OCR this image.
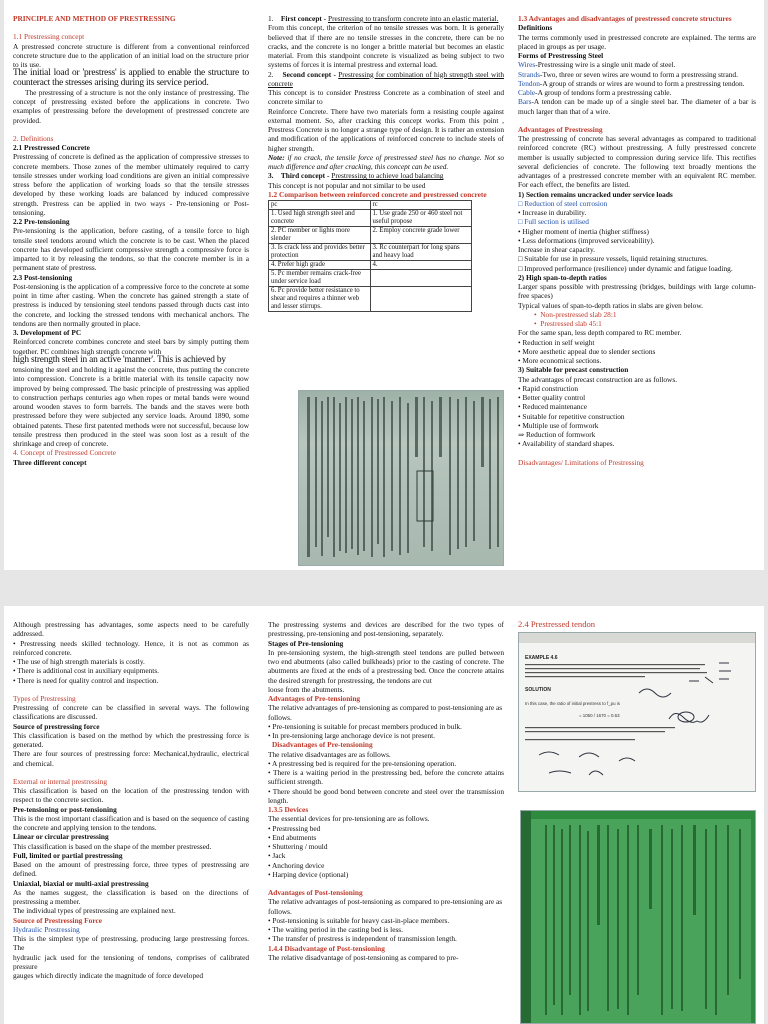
PRINCIPLE AND METHOD OF PRESTRESSING

1.1 Prestressing concept

A prestressed concrete structure is different from a conventional reinforced concrete structure due to the application of an initial load on the structure prior to its use.

The initial load or 'prestress' is applied to enable the structure to counteract the stresses arising during its service period.

The prestressing of a structure is not the only instance of prestressing. The concept of prestressing existed before the applications in concrete. Two examples of prestressing before the development of prestressed concrete are provided.

2. Definitions

2.1 Prestressed Concrete

Prestressing of concrete is defined as the application of compressive stresses to concrete members. Those zones of the member ultimately required to carry tensile stresses under working load conditions are given an initial compressive stress before the application of working loads so that the tensile stresses developed by these working loads are balanced by induced compressive strength. Prestress can be applied in two ways - Pre-tensioning or Post-tensioning.

2.2 Pre-tensioning

Pre-tensioning is the application, before casting, of a tensile force to high tensile steel tendons around which the concrete is to be cast. When the placed concrete has developed sufficient compressive strength a compressive force is imparted to it by releasing the tendons, so that the concrete member is in a permanent state of prestress.

2.3 Post-tensioning

Post-tensioning is the application of a compressive force to the concrete at some point in time after casting. When the concrete has gained strength a state of prestress is induced by tensioning steel tendons passed through ducts cast into the concrete, and locking the stressed tendons with mechanical anchors. The tendons are then normally grouted in place.

3. Development of PC

Reinforced concrete combines concrete and steel bars by simply putting them together. PC combines high strength concrete with

high strength steel in an active 'manner'. This is achieved by

tensioning the steel and holding it against the concrete, thus putting the concrete into compression. Concrete is a brittle material with its tensile capacity now improved by being compressed. The basic principle of prestressing was applied to construction perhaps centuries ago when ropes or metal bands were wound around wooden staves to form barrels. The bands and the staves were both prestressed before they were subjected any service loads. Around 1890, some obtained patents. These first patented methods were not successful, because low tensile prestress then produced in the steel was soon lost as a result of the shrinkage and creep of concrete.

4. Concept of Prestressed Concrete

Three different concept

1. First concept - Prestressing to transform concrete into an elastic material.

From this concept, the criterion of no tensile stresses was born. It is generally believed that if there are no tensile stresses in the concrete, there can be no cracks, and the concrete is no longer a brittle material but becomes an elastic material. From this standpoint concrete is visualized as being subject to two systems of forces it is internal prestress and external load.

2. Second concept - Prestressing for combination of high strength steel with concrete

This concept is to consider Prestress Concrete as a combination of steel and concrete similar to

Reinforce Concrete. There have two materials form a resisting couple against external moment. So, after cracking this concept works. From this point , Prestress Concrete is no longer a strange type of design. It is rather an extension and modification of the applications of reinforced concrete to include steels of higher strength.

Note: if no crack, the tensile force of prestressed steel has no change. Not so much difference and after cracking, this concept can be used.

3. Third concept - Prestressing to achieve load balancing

This concept is not popular and not similar to be used

1.2 Comparison between reinforced concrete and prestressed concrete

pc	rc
1. Used high strength steel and concrete	1. Use grade 250 or 460 steel not useful propose
2. PC member or lights more slender	2. Employ concrete grade lower
3. Is crack less and provides better protection	3. Rc counterpart for long spans and heavy load
4. Prefer high grade	4.
5. Pc member remains crack-free under service load	
6. Pc provide better resistance to shear and requires a thinner web and lesser stirrups.	

1.3 Advantages and disadvantages of prestressed concrete structures

Definitions

The terms commonly used in prestressed concrete are explained. The terms are placed in groups as per usage.

Forms of Prestressing Steel

Wires-Prestressing wire is a single unit made of steel.

Strands-Two, three or seven wires are wound to form a prestressing strand.

Tendon-A group of strands or wires are wound to form a prestressing tendon.

Cable-A group of tendons form a prestressing cable.

Bars-A tendon can be made up of a single steel bar. The diameter of a bar is much larger than that of a wire.

Advantages of Prestressing

The prestressing of concrete has several advantages as compared to traditional reinforced concrete (RC) without prestressing. A fully prestressed concrete member is usually subjected to compression during service life. This rectifies several deficiencies of concrete. The following text broadly mentions the advantages of a prestressed concrete member with an equivalent RC member. For each effect, the benefits are listed.

1) Section remains uncracked under service loads

□ Reduction of steel corrosion
• Increase in durability.
□ Full section is utilised
• Higher moment of inertia (higher stiffness)
• Less deformations (improved serviceability).
Increase in shear capacity.
□ Suitable for use in pressure vessels, liquid retaining structures.
□ Improved performance (resilience) under dynamic and fatigue loading.

2) High span-to-depth ratios

Larger spans possible with prestressing (bridges, buildings with large column-free spaces)

Typical values of span-to-depth ratios in slabs are given below.

•  Non-prestressed slab 28:1
•  Prestressed slab 45:1

For the same span, less depth compared to RC member.

• Reduction in self weight
• More aesthetic appeal due to slender sections
• More economical sections.

3) Suitable for precast construction

The advantages of precast construction are as follows.

• Rapid construction
• Better quality control
• Reduced maintenance
• Suitable for repetitive construction
• Multiple use of formwork
⇒ Reduction of formwork
• Availability of standard shapes.

Disadvantages/ Limitations of Prestressing

Although prestressing has advantages, some aspects need to be carefully addressed.

• Prestressing needs skilled technology. Hence, it is not as common as reinforced concrete.
• The use of high strength materials is costly.
• There is additional cost in auxiliary equipments.
• There is need for quality control and inspection.

Types of Prestressing

Prestressing of concrete can be classified in several ways. The following classifications are discussed.

Source of prestressing force

This classification is based on the method by which the prestressing force is generated.

There are four sources of prestressing force: Mechanical,hydraulic, electrical and chemical.

External or internal prestressing

This classification is based on the location of the prestressing tendon with respect to the concrete section.

Pre-tensioning or post-tensioning

This is the most important classification and is based on the sequence of casting the concrete and applying tension to the tendons.

Linear or circular prestressing

This classification is based on the shape of the member prestressed.

Full, limited or partial prestressing

Based on the amount of prestressing force, three types of prestressing are defined.

Uniaxial, biaxial or multi-axial prestressing

As the names suggest, the classification is based on the directions of prestressing a member.

The individual types of prestressing are explained next.

Source of Prestressing Force

Hydraulic Prestressing

This is the simplest type of prestressing, producing large prestressing forces. The

hydraulic jack used for the tensioning of tendons, comprises of calibrated pressure

gauges which directly indicate the magnitude of force developed

The prestressing systems and devices are described for the two types of prestressing, pre-tensioning and post-tensioning, separately.

Stages of Pre-tensioning

In pre-tensioning system, the high-strength steel tendons are pulled between two end abutments (also called bulkheads) prior to the casting of concrete. The abutments are fixed at the ends of a prestressing bed. Once the concrete attains the desired strength for prestressing, the tendons are cut

loose from the abutments.

Advantages of Pre-tensioning

The relative advantages of pre-tensioning as compared to post-tensioning are as

follows.

• Pre-tensioning is suitable for precast members produced in bulk.
• In pre-tensioning large anchorage device is not present.

Disadvantages of Pre-tensioning

The relative disadvantages are as follows.

• A prestressing bed is required for the pre-tensioning operation.
• There is a waiting period in the prestressing bed, before the concrete attains sufficient strength.
• There should be good bond between concrete and steel over the transmission length.

1.3.5 Devices

The essential devices for pre-tensioning are as follows.

• Prestressing bed
• End abutments
• Shuttering / mould
• Jack
• Anchoring device
• Harping device (optional)

Advantages of Post-tensioning

The relative advantages of post-tensioning as compared to pre-tensioning are as

follows.

• Post-tensioning is suitable for heavy cast-in-place members.
• The waiting period in the casting bed is less.
• The transfer of prestress is independent of transmission length.

1.4.4 Disadvantage of Post-tensioning

The relative disadvantage of post-tensioning as compared to pre-

2.4 Prestressed tendon

EXAMPLE 4.6
SOLUTION
In this case, the ratio of initial prestress to f_pu is
= 1050 / 1670 = 0.63
